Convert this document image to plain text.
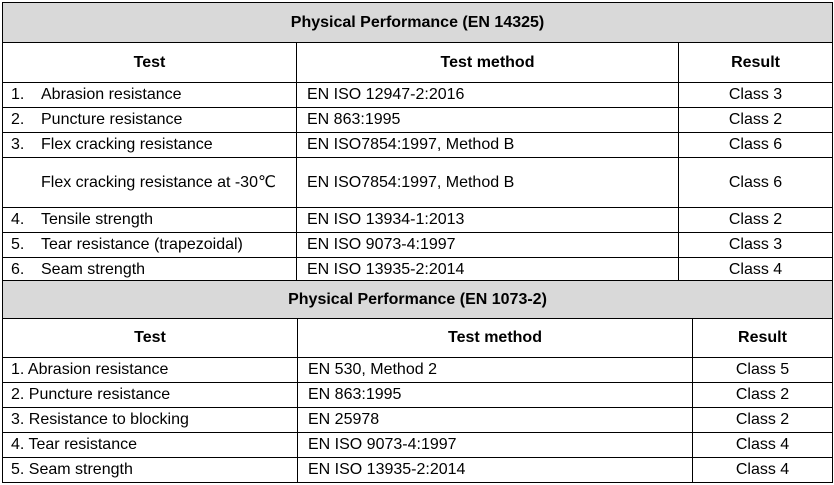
Physical Performance (EN 14325)		
Test	Test method	Result
1. Abrasion resistance	EN ISO 12947-2:2016	Class 3
2. Puncture resistance	EN 863:1995	Class 2
3. Flex cracking resistance	EN ISO7854:1997, Method B	Class 6

Flex cracking resistance at -30℃	EN ISO7854:1997, Method B	Class 6
4. Tensile strength	EN ISO 13934-1:2013	Class 2
5. Tear resistance (trapezoidal)	EN ISO 9073-4:1997	Class 3
6. Seam strength	EN ISO 13935-2:2014	Class 4
Physical Performance (EN 1073-2)		
Test	Test method	Result
1. Abrasion resistance	EN 530, Method 2	Class 5
2. Puncture resistance	EN 863:1995	Class 2
3. Resistance to blocking	EN 25978	Class 2
4. Tear resistance	EN ISO 9073-4:1997	Class 4
5. Seam strength	EN ISO 13935-2:2014	Class 4
